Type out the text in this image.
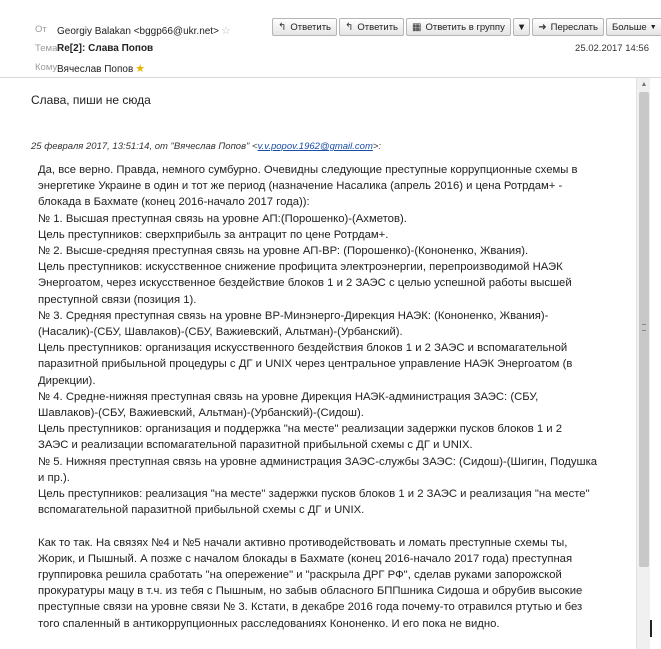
↰ Ответить ↰ Ответить ▦ Ответить в группу ▼ ➜ Переслать Больше ▼
От Georgiy Balakan <bggp66@ukr.net> ☆
Тема Re[2]: Слава Попов	25.02.2017 14:56
Кому Вячеслав Попов ★
Слава, пиши не сюда
25 февраля 2017, 13:51:14, от "Вячеслав Попов" <v.v.popov.1962@gmail.com>:

Да, все верно. Правда, немного сумбурно. Очевидны следующие преступные коррупционные схемы в

энергетике Украине в один и тот же период (назначение Насалика (апрель 2016) и цена Ротрдам+ -

блокада в Бахмате (конец 2016-начало 2017 года)):

№ 1. Высшая преступная связь на уровне АП:(Порошенко)-(Ахметов).

Цель преступников: сверхприбыль за антрацит по цене Ротрдам+.

№ 2. Высше-средняя преступная связь на уровне АП-ВР: (Порошенко)-(Кононенко, Жвания).

Цель преступников: искусственное снижение профицита электроэнергии, перепроизводимой НАЭК

Энергоатом, через искусственное бездействие блоков 1 и 2 ЗАЭС с целью успешной работы высшей

преступной связи (позиция 1).

№ 3. Средняя преступная связь на уровне ВР-Минэнерго-Дирекция НАЭК: (Кононенко, Жвания)-

(Насалик)-(СБУ, Шавлаков)-(СБУ, Важиевский, Альтман)-(Урбанский).

Цель преступников: организация искусственного бездействия блоков 1 и 2 ЗАЭС и вспомагательной

паразитной прибыльной процедуры с ДГ и UNIX через центральное управление НАЭК Энергоатом (в

Дирекции).

№ 4. Средне-нижняя преступная связь на уровне Дирекция НАЭК-администрация ЗАЭС: (СБУ,

Шавлаков)-(СБУ, Важиевский, Альтман)-(Урбанский)-(Сидош).

Цель преступников: организация и поддержка "на месте" реализации задержки пусков блоков 1 и 2

ЗАЭС и реализации вспомагательной паразитной прибыльной схемы с ДГ и UNIX.

№ 5. Нижняя преступная связь на уровне администрация ЗАЭС-службы ЗАЭС: (Сидош)-(Шигин, Подушка

и пр.).

Цель преступников: реализация "на месте" задержки пусков блоков 1 и 2 ЗАЭС и реализация "на месте"

вспомагательной паразитной прибыльной схемы с ДГ и UNIX.

Как то так. На связях №4 и №5 начали активно противодействовать и ломать преступные схемы ты,

Жорик, и Пышный. А позже с началом блокады в Бахмате (конец 2016-начало 2017 года) преступная

группировка решила сработать "на опережение" и "раскрыла ДРГ РФ", сделав руками запорожской

прокуратуры мацу в т.ч. из тебя с Пышным, но забыв обласного БППшника Сидоша и обрубив высокие

преступные связи на уровне связи № 3. Кстати, в декабре 2016 года почему-то отравился ртутью и без

того спаленный в антикоррупционных расследованиях Кононенко. И его пока не видно.

▲
